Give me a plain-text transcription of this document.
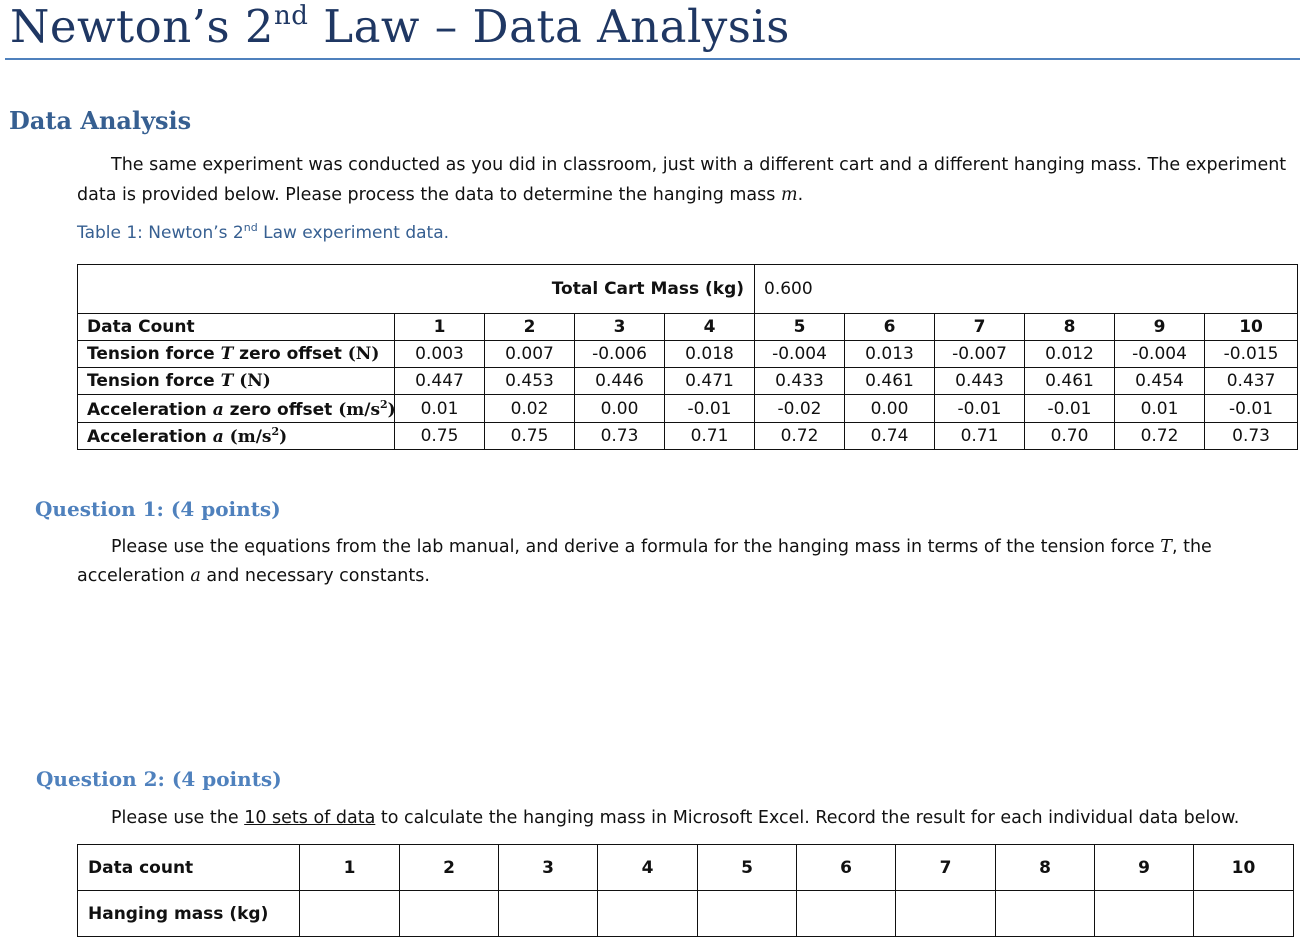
Newton’s 2nd Law – Data Analysis
Data Analysis

The same experiment was conducted as you did in classroom, just with a different cart and a different hanging mass. The experiment data is provided below. Please process the data to determine the hanging mass m.

Table 1: Newton’s 2nd Law experiment data.

Total Cart Mass (kg)					0.600					
Data Count	1	2	3	4	5	6	7	8	9	10
Tension force T zero offset (N)	0.003	0.007	-0.006	0.018	-0.004	0.013	-0.007	0.012	-0.004	-0.015
Tension force T (N)	0.447	0.453	0.446	0.471	0.433	0.461	0.443	0.461	0.454	0.437
Acceleration a zero offset $(m/s^2)$	0.01	0.02	0.00	-0.01	-0.02	0.00	-0.01	-0.01	0.01	-0.01
Acceleration a $(m/s^2)$	0.75	0.75	0.73	0.71	0.72	0.74	0.71	0.70	0.72	0.73
Question 1: (4 points)

Please use the equations from the lab manual, and derive a formula for the hanging mass in terms of the tension force T, the acceleration a and necessary constants.

Question 2: (4 points)

Please use the 10 sets of data to calculate the hanging mass in Microsoft Excel. Record the result for each individual data below.

Data count	1	2	3	4	5	6	7	8	9	10
Hanging mass (kg)										
